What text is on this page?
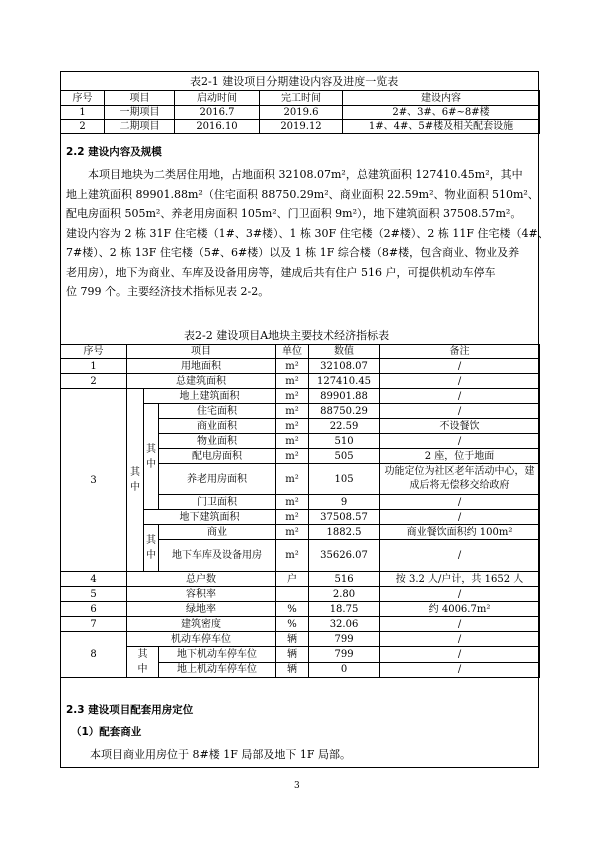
表2-1 建设项目分期建设内容及进度一览表
序号	项目	启动时间	完工时间	建设内容
1	一期项目	2016.7	2019.6	2#、3#、6#~8#楼
2	二期项目	2016.10	2019.12	1#、4#、5#楼及相关配套设施
2.2 建设内容及规模
本项目地块为二类居住用地，占地面积 32108.07m²，总建筑面积 127410.45m²，其中
地上建筑面积 89901.88m²（住宅面积 88750.29m²、商业面积 22.59m²、物业面积 510m²、
配电房面积 505m²、养老用房面积 105m²、门卫面积 9m²），地下建筑面积 37508.57m²。
建设内容为 2 栋 31F 住宅楼（1#、3#楼）、1 栋 30F 住宅楼（2#楼）、2 栋 11F 住宅楼（4#、
7#楼）、2 栋 13F 住宅楼（5#、6#楼）以及 1 栋 1F 综合楼（8#楼，包含商业、物业及养
老用房），地下为商业、车库及设备用房等，建成后共有住户 516 户，可提供机动车停车
位 799 个。主要经济技术指标见表 2-2。
表2-2 建设项目A地块主要技术经济指标表
序号	项目			单位	数值	备注
1	用地面积			m²	32108.07	/
2	总建筑面积			m²	127410.45	/
3	其中	地上建筑面积		m²	89901.88	/
		其中	住宅面积	m²	88750.29	/
			商业面积	m²	22.59	不设餐饮
			物业面积	m²	510	/
			配电房面积	m²	505	2 座，位于地面
			养老用房面积	m²	105	功能定位为社区老年活动中心，建成后将无偿移交给政府
			门卫面积	m²	9	/
		地下建筑面积		m²	37508.57	/
		其中	商业	m²	1882.5	商业餐饮面积约 100m²
			地下车库及设备用房	m²	35626.07	/

4	总户数			户	516	按 3.2 人/户计，共 1652 人
5	容积率				2.80	/
6	绿地率			%	18.75	约 4006.7m²
7	建筑密度			%	32.06	/
8	机动车停车位			辆	799	/
	其中		地下机动车停车位	辆	799	/
			地上机动车停车位	辆	0	/
2.3 建设项目配套用房定位
（1）配套商业
本项目商业用房位于 8#楼 1F 局部及地下 1F 局部。
3
